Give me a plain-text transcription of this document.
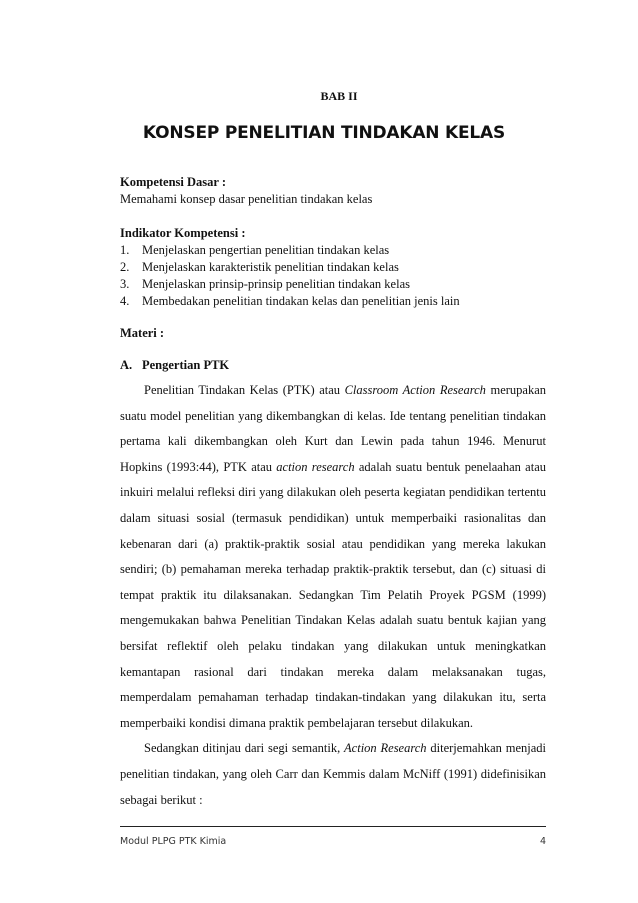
BAB II
KONSEP PENELITIAN TINDAKAN KELAS
Kompetensi Dasar :
Memahami konsep dasar penelitian tindakan kelas
Indikator Kompetensi :
1. Menjelaskan pengertian penelitian tindakan kelas
2. Menjelaskan karakteristik penelitian tindakan kelas
3. Menjelaskan prinsip-prinsip penelitian tindakan kelas
4. Membedakan penelitian tindakan kelas dan penelitian jenis lain
Materi :
A. Pengertian PTK

Penelitian Tindakan Kelas (PTK) atau Classroom Action Research merupakan suatu model penelitian yang dikembangkan di kelas. Ide tentang penelitian tindakan pertama kali dikembangkan oleh Kurt dan Lewin pada tahun 1946. Menurut Hopkins (1993:44), PTK atau action research adalah suatu bentuk penelaahan atau inkuiri melalui refleksi diri yang dilakukan oleh peserta kegiatan pendidikan tertentu dalam situasi sosial (termasuk pendidikan) untuk memperbaiki rasionalitas dan kebenaran dari (a) praktik-praktik sosial atau pendidikan yang mereka lakukan sendiri; (b) pemahaman mereka terhadap praktik-praktik tersebut, dan (c) situasi di tempat praktik itu dilaksanakan. Sedangkan Tim Pelatih Proyek PGSM (1999) mengemukakan bahwa Penelitian Tindakan Kelas adalah suatu bentuk kajian yang bersifat reflektif oleh pelaku tindakan yang dilakukan untuk meningkatkan kemantapan rasional dari tindakan mereka dalam melaksanakan tugas, memperdalam pemahaman terhadap tindakan-tindakan yang dilakukan itu, serta memperbaiki kondisi dimana praktik pembelajaran tersebut dilakukan.

Sedangkan ditinjau dari segi semantik, Action Research diterjemahkan menjadi penelitian tindakan, yang oleh Carr dan Kemmis dalam McNiff (1991) didefinisikan sebagai berikut :

Modul PLPG PTK Kimia	4
